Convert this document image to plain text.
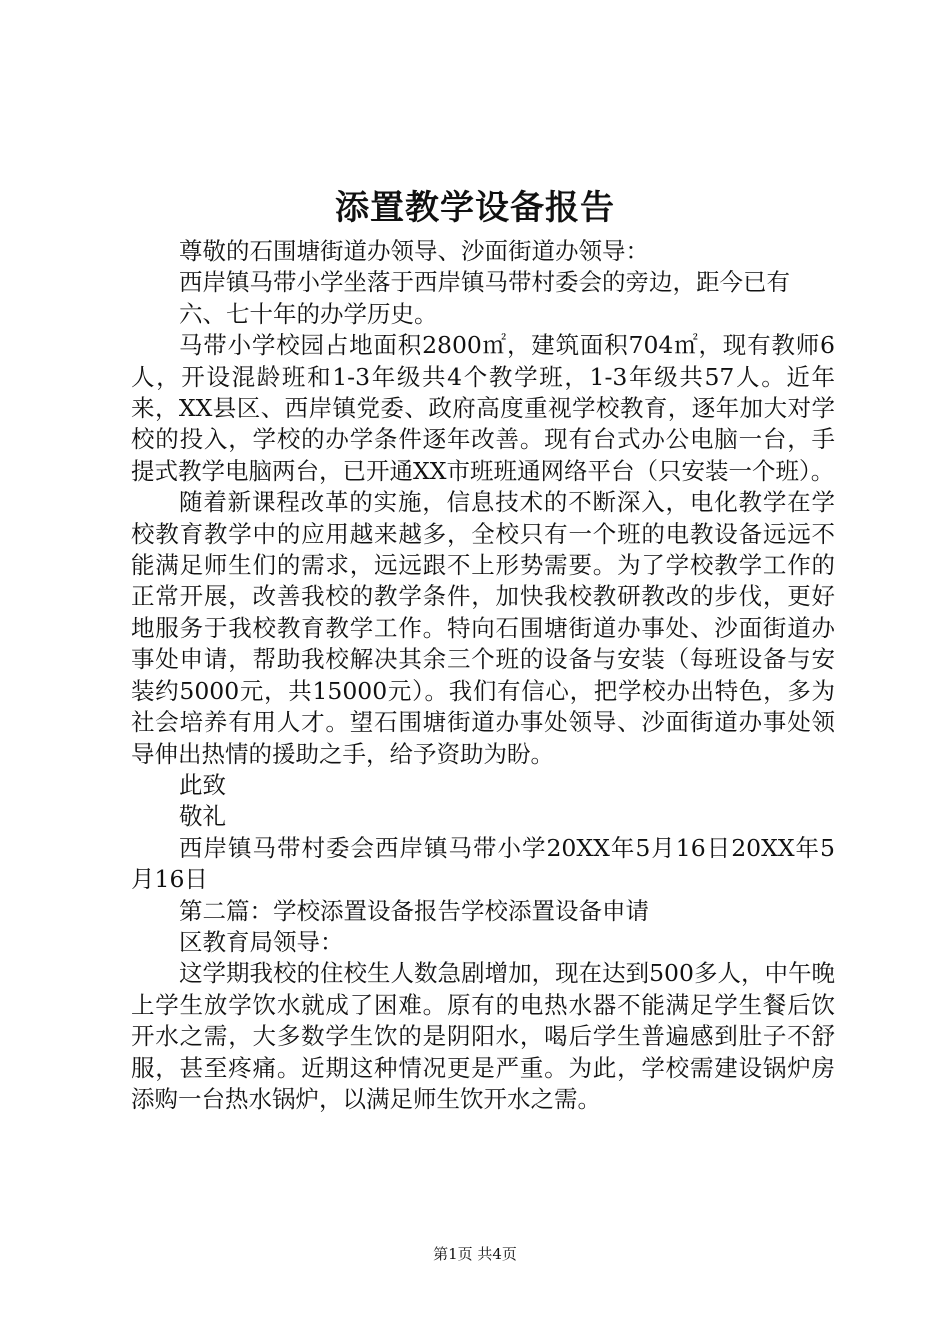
添置教学设备报告

尊敬的石围塘街道办领导、沙面街道办领导：

西岸镇马带小学坐落于西岸镇马带村委会的旁边，距今已有

六、七十年的办学历史。

马带小学校园占地面积2800㎡，建筑面积704㎡，现有教师6人，开设混龄班和1-3年级共4个教学班，1-3年级共57人。近年来，XX县区、西岸镇党委、政府高度重视学校教育，逐年加大对学校的投入，学校的办学条件逐年改善。现有台式办公电脑一台，手提式教学电脑两台，已开通XX市班班通网络平台（只安装一个班）。

随着新课程改革的实施，信息技术的不断深入，电化教学在学校教育教学中的应用越来越多，全校只有一个班的电教设备远远不能满足师生们的需求，远远跟不上形势需要。为了学校教学工作的正常开展，改善我校的教学条件，加快我校教研教改的步伐，更好地服务于我校教育教学工作。特向石围塘街道办事处、沙面街道办事处申请，帮助我校解决其余三个班的设备与安装（每班设备与安装约5000元，共15000元）。我们有信心，把学校办出特色，多为社会培养有用人才。望石围塘街道办事处领导、沙面街道办事处领导伸出热情的援助之手，给予资助为盼。

此致

敬礼

西岸镇马带村委会西岸镇马带小学20XX年5月16日20XX年5月16日

第二篇：学校添置设备报告学校添置设备申请

区教育局领导：

这学期我校的住校生人数急剧增加，现在达到500多人，中午晚上学生放学饮水就成了困难。原有的电热水器不能满足学生餐后饮开水之需，大多数学生饮的是阴阳水，喝后学生普遍感到肚子不舒服，甚至疼痛。近期这种情况更是严重。为此，学校需建设锅炉房添购一台热水锅炉，以满足师生饮开水之需。

第1页 共4页
